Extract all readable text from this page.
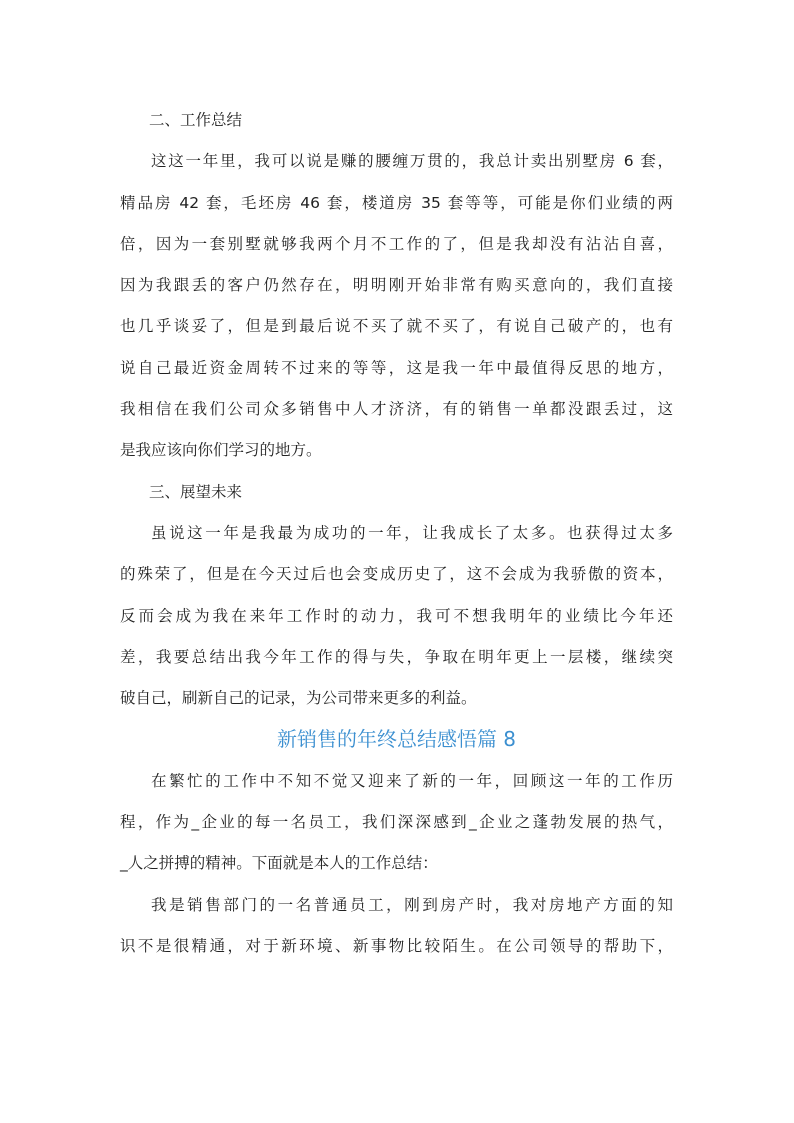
二、工作总结
这这一年里，我可以说是赚的腰缠万贯的，我总计卖出别墅房 6 套，
精品房 42 套，毛坯房 46 套，楼道房 35 套等等，可能是你们业绩的两
倍，因为一套别墅就够我两个月不工作的了，但是我却没有沾沾自喜，
因为我跟丢的客户仍然存在，明明刚开始非常有购买意向的，我们直接
也几乎谈妥了，但是到最后说不买了就不买了，有说自己破产的，也有
说自己最近资金周转不过来的等等，这是我一年中最值得反思的地方，
我相信在我们公司众多销售中人才济济，有的销售一单都没跟丢过，这
是我应该向你们学习的地方。
三、展望未来
虽说这一年是我最为成功的一年，让我成长了太多。也获得过太多
的殊荣了，但是在今天过后也会变成历史了，这不会成为我骄傲的资本，
反而会成为我在来年工作时的动力，我可不想我明年的业绩比今年还
差，我要总结出我今年工作的得与失，争取在明年更上一层楼，继续突
破自己，刷新自己的记录，为公司带来更多的利益。
新销售的年终总结感悟篇 8
在繁忙的工作中不知不觉又迎来了新的一年，回顾这一年的工作历
程，作为_企业的每一名员工，我们深深感到_企业之蓬勃发展的热气，
_人之拼搏的精神。下面就是本人的工作总结：
我是销售部门的一名普通员工，刚到房产时，我对房地产方面的知
识不是很精通，对于新环境、新事物比较陌生。在公司领导的帮助下，
